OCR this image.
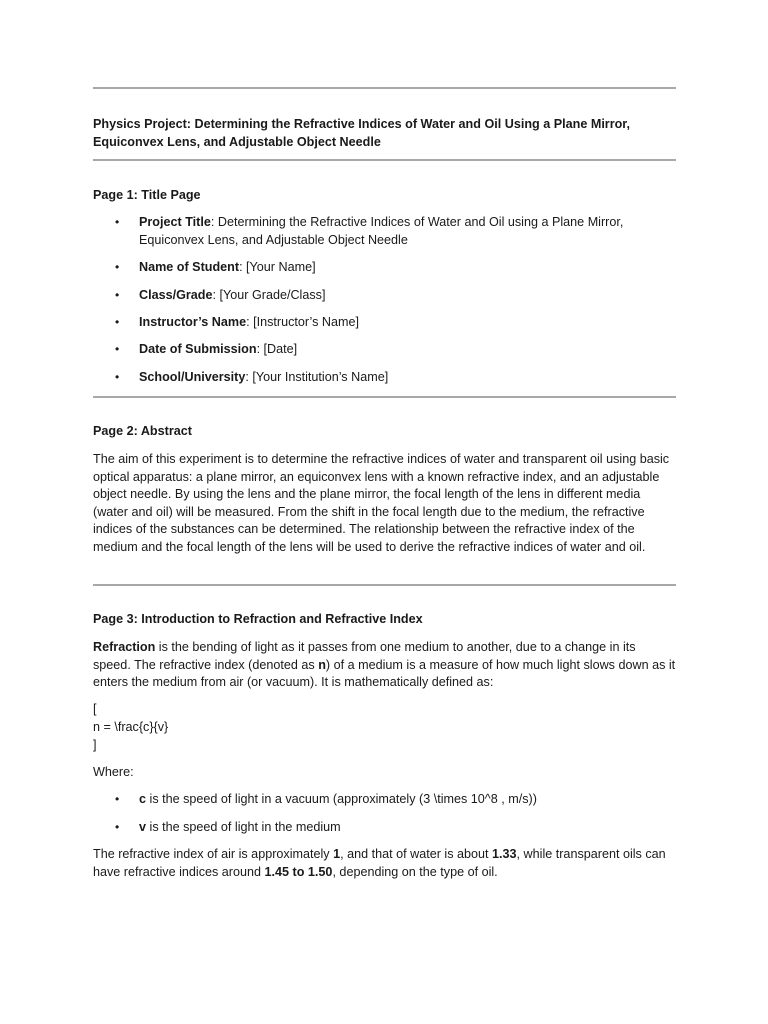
Physics Project: Determining the Refractive Indices of Water and Oil Using a Plane Mirror, Equiconvex Lens, and Adjustable Object Needle
Page 1: Title Page
•	Project Title: Determining the Refractive Indices of Water and Oil using a Plane Mirror, Equiconvex Lens, and Adjustable Object Needle
•	Name of Student: [Your Name]
•	Class/Grade: [Your Grade/Class]
•	Instructor’s Name: [Instructor’s Name]
•	Date of Submission: [Date]
•	School/University: [Your Institution’s Name]
Page 2: Abstract
The aim of this experiment is to determine the refractive indices of water and transparent oil using basic optical apparatus: a plane mirror, an equiconvex lens with a known refractive index, and an adjustable object needle. By using the lens and the plane mirror, the focal length of the lens in different media (water and oil) will be measured. From the shift in the focal length due to the medium, the refractive indices of the substances can be determined. The relationship between the refractive index of the medium and the focal length of the lens will be used to derive the refractive indices of water and oil.
Page 3: Introduction to Refraction and Refractive Index
Refraction is the bending of light as it passes from one medium to another, due to a change in its speed. The refractive index (denoted as n) of a medium is a measure of how much light slows down as it enters the medium from air (or vacuum). It is mathematically defined as:
[
n = \frac{c}{v}
]
Where:
•	c is the speed of light in a vacuum (approximately (3 \times 10^8 , m/s))
•	v is the speed of light in the medium
The refractive index of air is approximately 1, and that of water is about 1.33, while transparent oils can have refractive indices around 1.45 to 1.50, depending on the type of oil.
